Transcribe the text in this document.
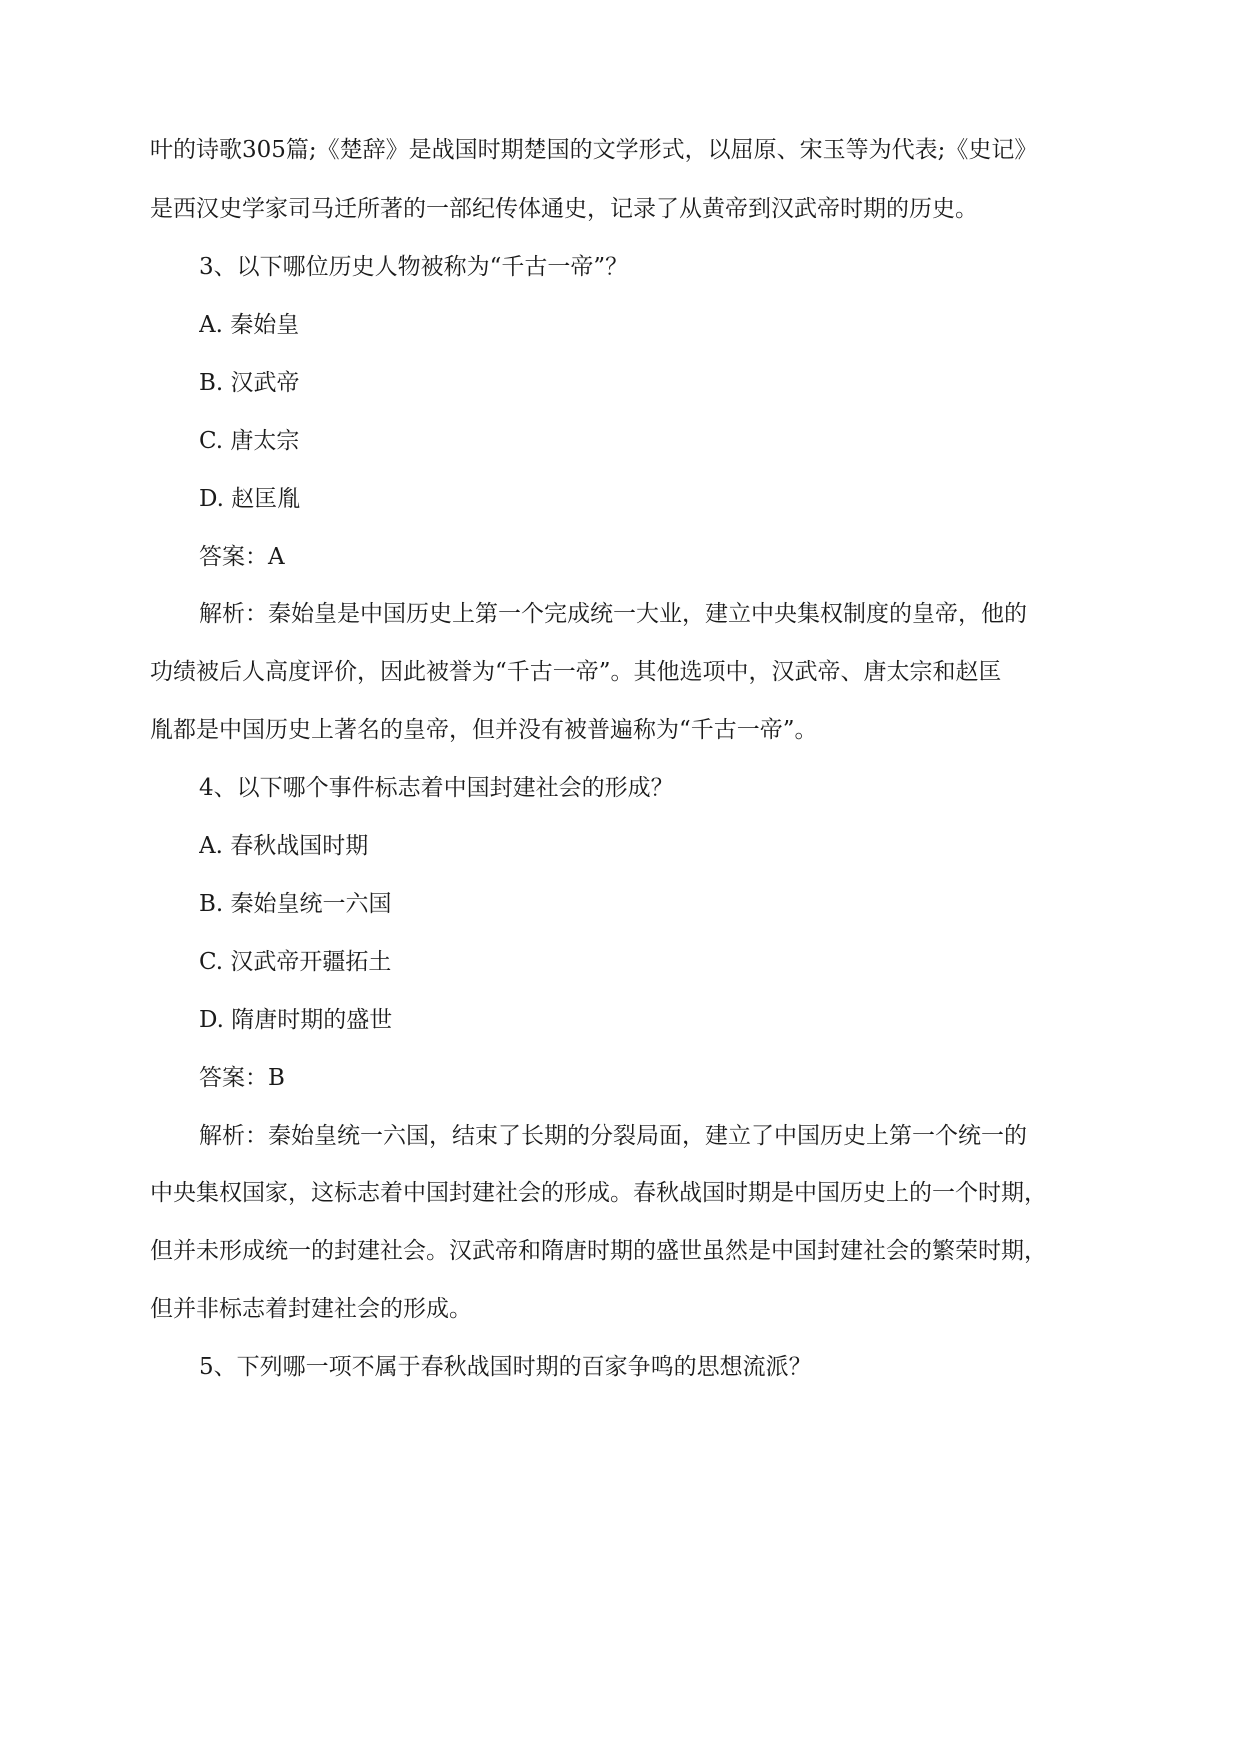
叶的诗歌305篇;《楚辞》是战国时期楚国的文学形式，以屈原、宋玉等为代表;《史记》
是西汉史学家司马迁所著的一部纪传体通史，记录了从黄帝到汉武帝时期的历史。
3、以下哪位历史人物被称为“千古一帝”？
A. 秦始皇
B. 汉武帝
C. 唐太宗
D. 赵匡胤
答案：A
解析：秦始皇是中国历史上第一个完成统一大业，建立中央集权制度的皇帝，他的
功绩被后人高度评价，因此被誉为“千古一帝”。其他选项中，汉武帝、唐太宗和赵匡
胤都是中国历史上著名的皇帝，但并没有被普遍称为“千古一帝”。
4、以下哪个事件标志着中国封建社会的形成？
A. 春秋战国时期
B. 秦始皇统一六国
C. 汉武帝开疆拓土
D. 隋唐时期的盛世
答案：B
解析：秦始皇统一六国，结束了长期的分裂局面，建立了中国历史上第一个统一的
中央集权国家，这标志着中国封建社会的形成。春秋战国时期是中国历史上的一个时期，
但并未形成统一的封建社会。汉武帝和隋唐时期的盛世虽然是中国封建社会的繁荣时期，
但并非标志着封建社会的形成。
5、下列哪一项不属于春秋战国时期的百家争鸣的思想流派？
